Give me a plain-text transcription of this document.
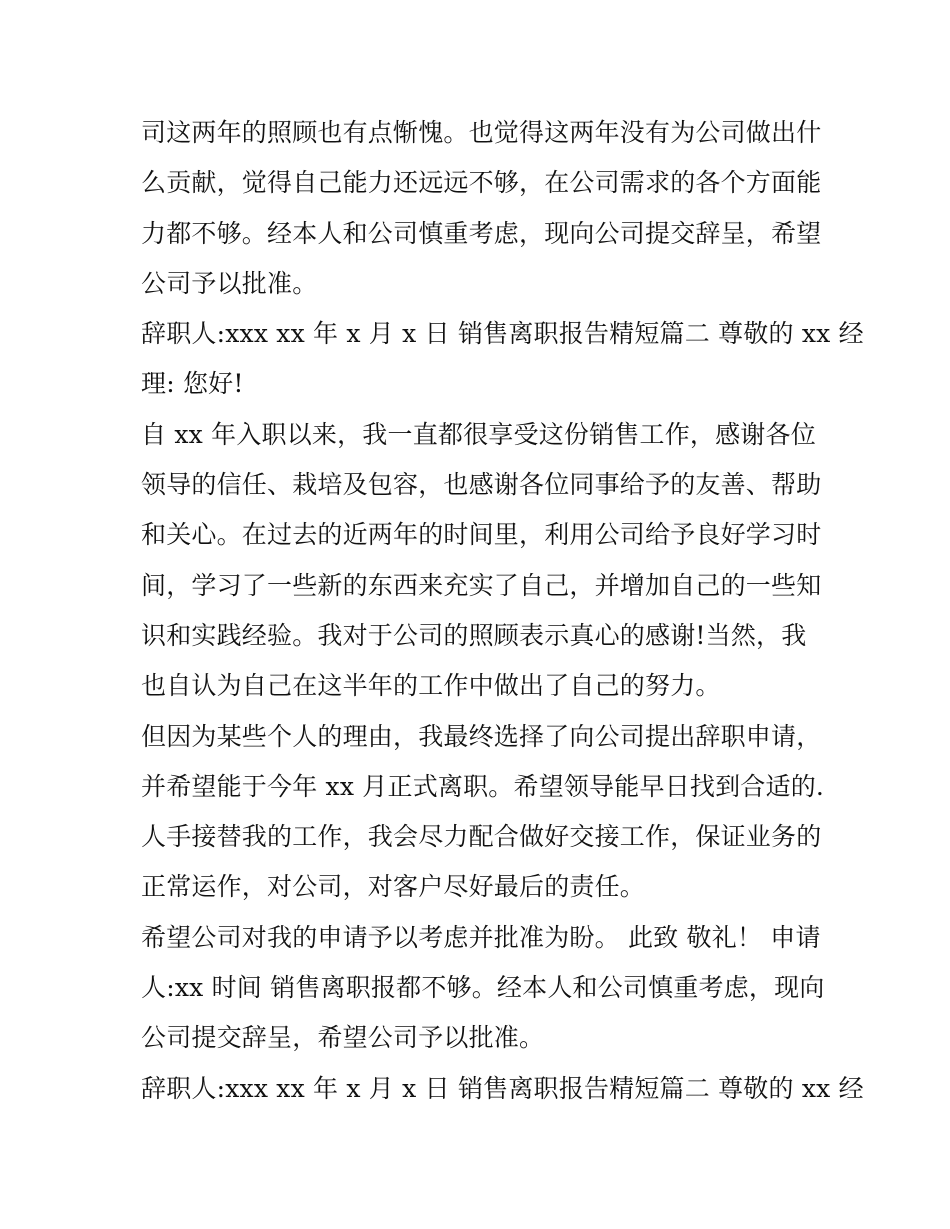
司这两年的照顾也有点惭愧。也觉得这两年没有为公司做出什
么贡献，觉得自己能力还远远不够，在公司需求的各个方面能
力都不够。经本人和公司慎重考虑，现向公司提交辞呈，希望
公司予以批准。
辞职人:xxx xx 年 x 月 x 日 销售离职报告精短篇二 尊敬的 xx 经
理: 您好!
自 xx 年入职以来，我一直都很享受这份销售工作，感谢各位
领导的信任、栽培及包容，也感谢各位同事给予的友善、帮助
和关心。在过去的近两年的时间里，利用公司给予良好学习时
间，学习了一些新的东西来充实了自己，并增加自己的一些知
识和实践经验。我对于公司的照顾表示真心的感谢!当然，我
也自认为自己在这半年的工作中做出了自己的努力。
但因为某些个人的理由，我最终选择了向公司提出辞职申请，
并希望能于今年 xx 月正式离职。希望领导能早日找到合适的.
人手接替我的工作，我会尽力配合做好交接工作，保证业务的
正常运作，对公司，对客户尽好最后的责任。
希望公司对我的申请予以考虑并批准为盼。 此致 敬礼！ 申请
人:xx 时间 销售离职报都不够。经本人和公司慎重考虑，现向
公司提交辞呈，希望公司予以批准。
辞职人:xxx xx 年 x 月 x 日 销售离职报告精短篇二 尊敬的 xx 经
